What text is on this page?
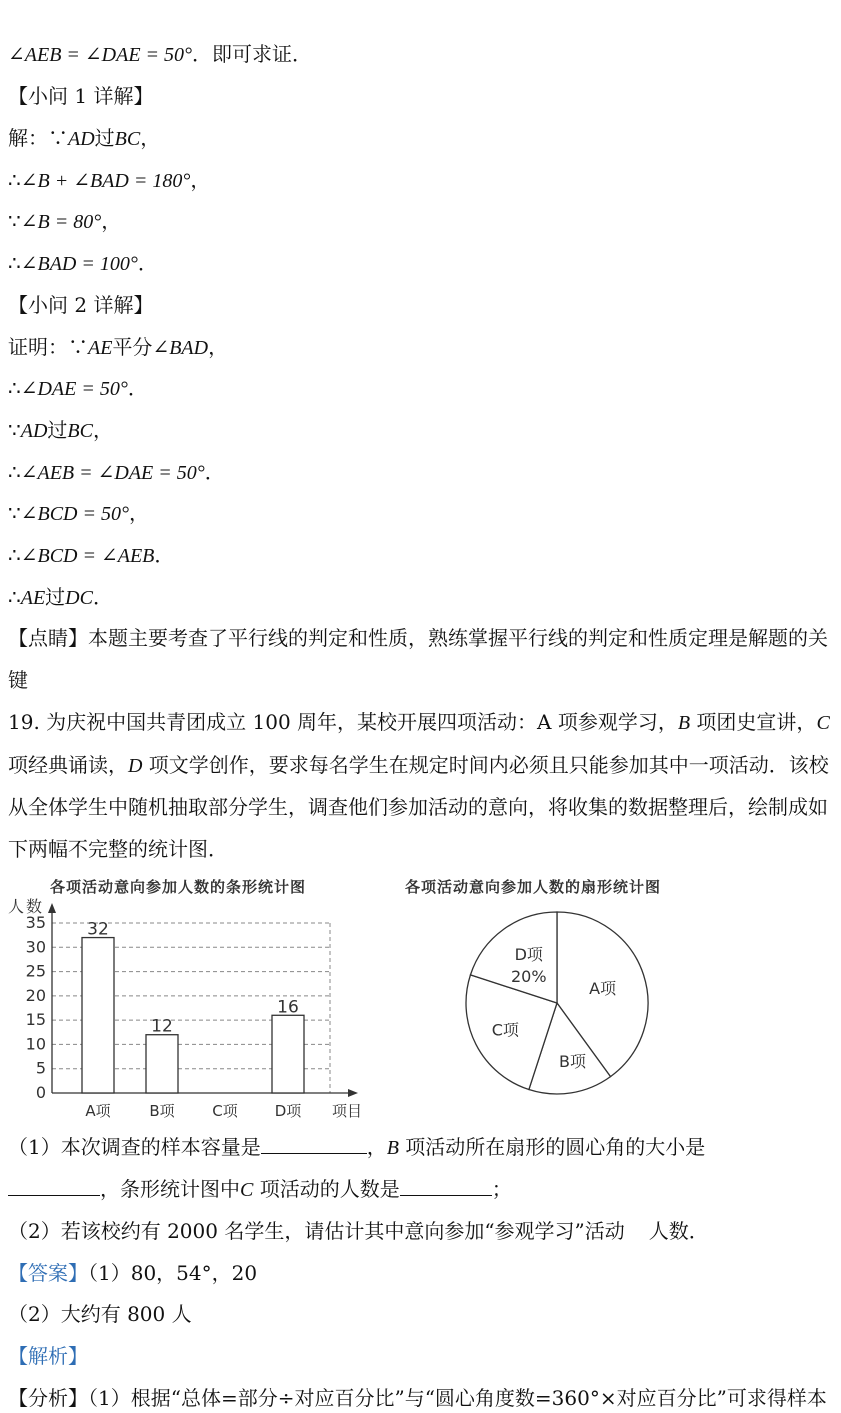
∠AEB = ∠DAE = 50°．即可求证．
【小问 1 详解】
解：∵AD过BC，
∴∠B + ∠BAD = 180°，
∵∠B = 80°，
∴∠BAD = 100°．
【小问 2 详解】
证明：∵AE平分∠BAD，
∴∠DAE = 50°．
∵AD过BC，
∴∠AEB = ∠DAE = 50°．
∵∠BCD = 50°，
∴∠BCD = ∠AEB．
∴AE过DC．
【点睛】本题主要考查了平行线的判定和性质，熟练掌握平行线的判定和性质定理是解题的关键
19. 为庆祝中国共青团成立 100 周年，某校开展四项活动：A 项参观学习，B 项团史宣讲，C 项经典诵读，D 项文学创作，要求每名学生在规定时间内必须且只能参加其中一项活动．该校从全体学生中随机抽取部分学生，调查他们参加活动的意向，将收集的数据整理后，绘制成如下两幅不完整的统计图．
各项活动意向参加人数的条形统计图	各项活动意向参加人数的扇形统计图
0
5
10
15
20
25
30
35
人 数
项目
32
A项
12
B项	C项
16
D项
A项
B项
C项
D项
20%
（1）本次调查的样本容量是	，B 项活动所在扇形的圆心角的大小是
，条形统计图中C 项活动的人数是	；
（2）若该校约有 2000 名学生，请估计其中意向参加“参观学习”活动 人数．
【答案】（1）80，54°，20
（2）大约有 800 人
【解析】
【分析】（1）根据“总体=部分÷对应百分比”与“圆心角度数=360°×对应百分比”可求得样本
